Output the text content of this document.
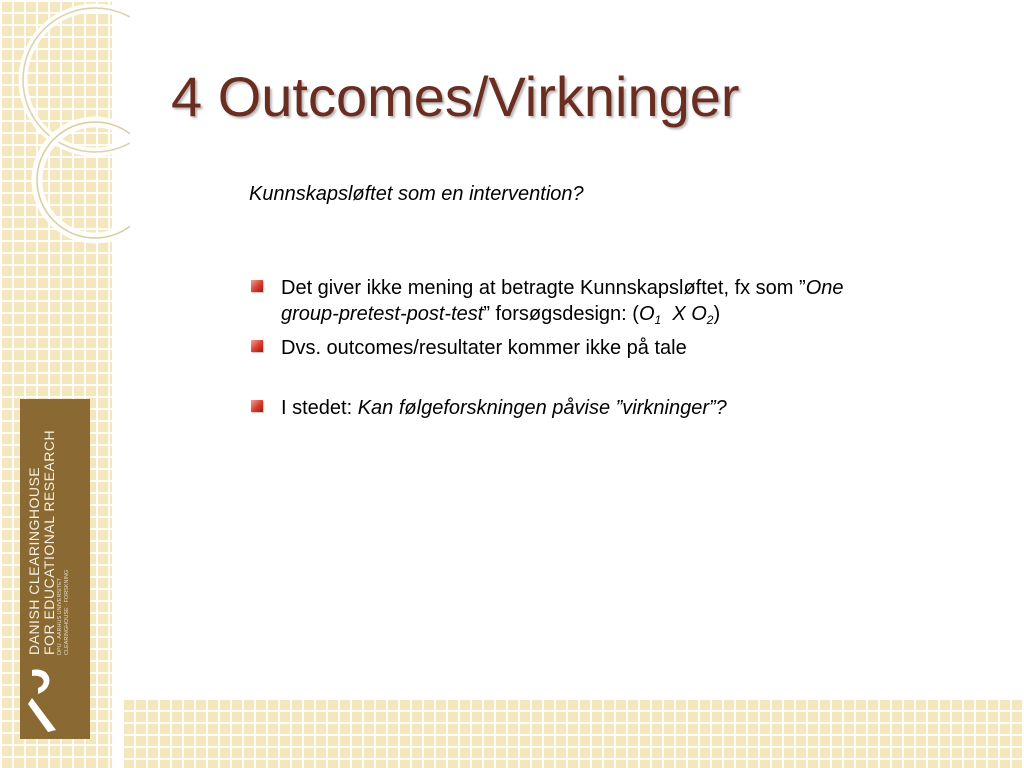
DANISH CLEARINGHOUSE FOR EDUCATIONAL RESEARCH DPU · AARHUS UNIVERSITET CLEARINGHOUSE · FORSKNING
4 Outcomes/Virkninger
Kunnskapsløftet som en intervention?
Det giver ikke mening at betragte Kunnskapsløftet, fx som ”One group-pretest-post-test” forsøgsdesign: ($O_1$ X $O_2$)
Dvs. outcomes/resultater kommer ikke på tale
I stedet: Kan følgeforskningen påvise ”virkninger”?
